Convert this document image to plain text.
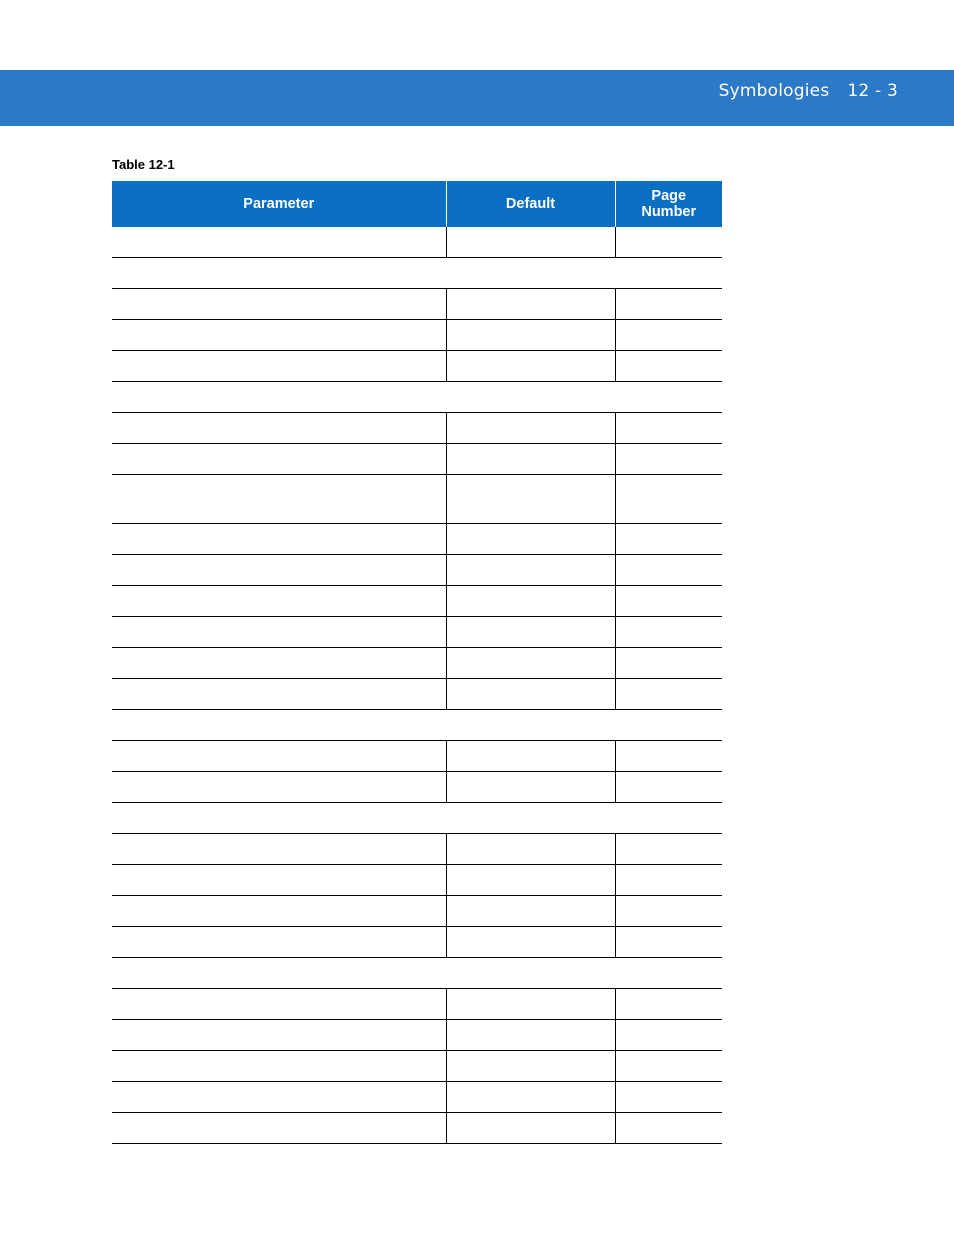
Symbologies 12 - 3
Table 12-1
Parameter	Default	Page Number
